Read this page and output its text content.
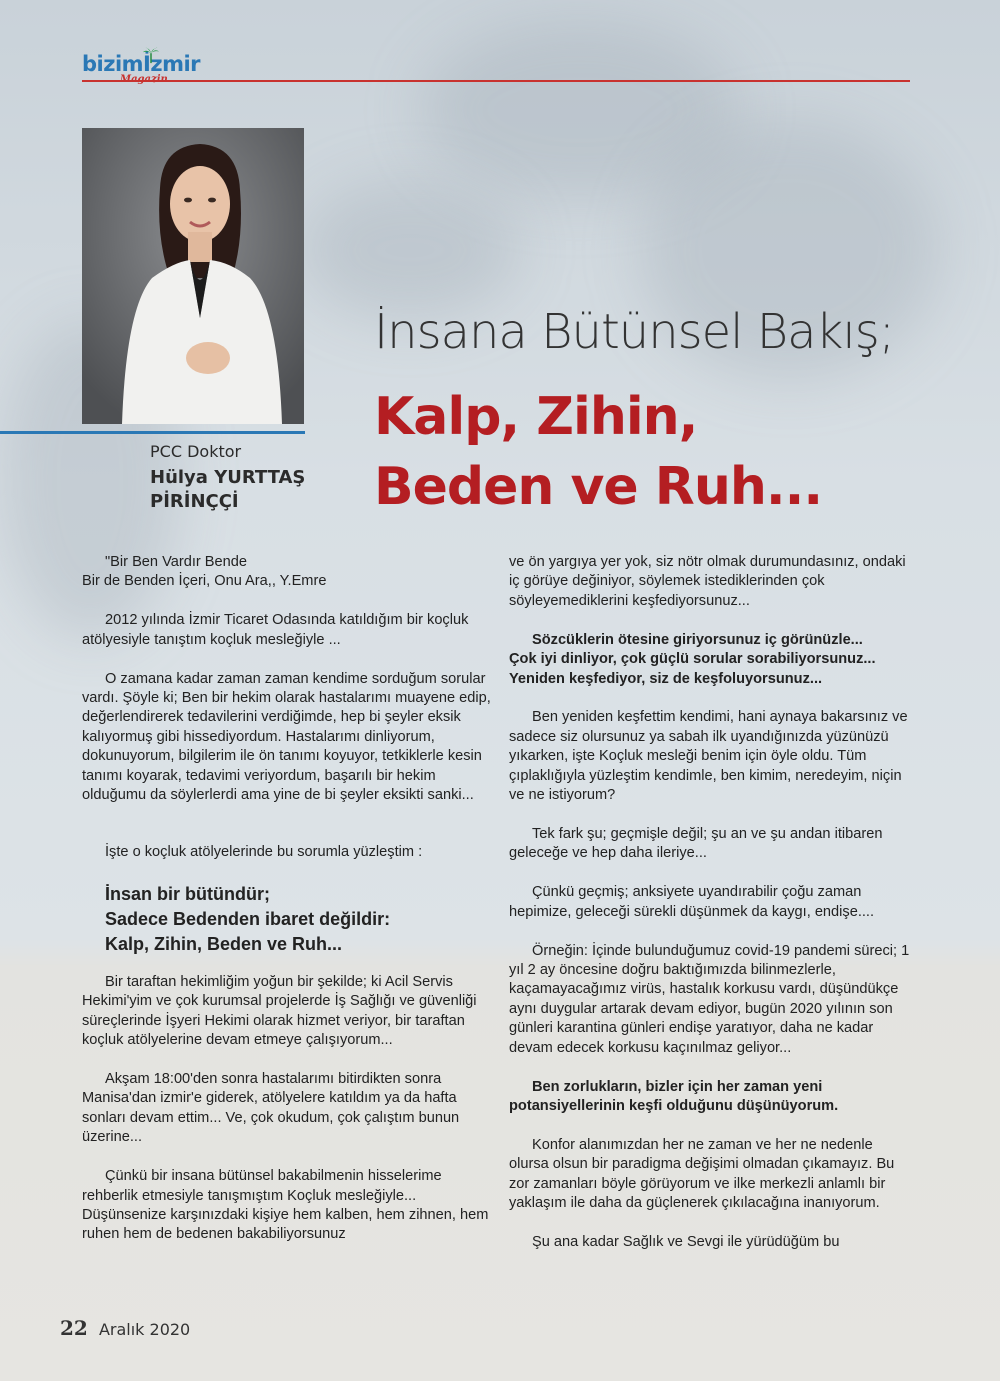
bizimİzmir
PCC Doktor
Hülya YURTTAŞ PİRİNÇÇİ
İnsana Bütünsel Bakış;
Kalp, Zihin, Beden ve Ruh...

"Bir Ben Vardır Bende
Bir de Benden İçeri, Onu Ara,, Y.Emre

2012 yılında İzmir Ticaret Odasında katıldığım bir koçluk atölyesiyle tanıştım koçluk mesleğiyle ...

O zamana kadar zaman zaman kendime sorduğum sorular vardı. Şöyle ki; Ben bir hekim olarak hastalarımı muayene edip, değerlendirerek tedavilerini verdiğimde, hep bi şeyler eksik kalıyormuş gibi hissediyordum. Hastalarımı dinliyorum, dokunuyorum, bilgilerim ile ön tanımı koyuyor, tetkiklerle kesin tanımı koyarak, tedavimi veriyordum, başarılı bir hekim olduğumu da söylerlerdi ama yine de bi şeyler eksikti sanki...

İşte o koçluk atölyelerinde bu sorumla yüzleştim :

İnsan bir bütündür;
Sadece Bedenden ibaret değildir:
Kalp, Zihin, Beden ve Ruh...

Bir taraftan hekimliğim yoğun bir şekilde; ki Acil Servis Hekimi'yim ve çok kurumsal projelerde İş Sağlığı ve güvenliği süreçlerinde İşyeri Hekimi olarak hizmet veriyor, bir taraftan koçluk atölyelerine devam etmeye çalışıyorum...

Akşam 18:00'den sonra hastalarımı bitirdikten sonra Manisa'dan izmir'e giderek, atölyelere katıldım ya da hafta sonları devam ettim... Ve, çok okudum, çok çalıştım bunun üzerine...

Çünkü bir insana bütünsel bakabilmenin hisselerime rehberlik etmesiyle tanışmıştım Koçluk mesleğiyle... Düşünsenize karşınızdaki kişiye hem kalben, hem zihnen, hem ruhen hem de bedenen bakabiliyorsunuz

ve ön yargıya yer yok, siz nötr olmak durumundasınız, ondaki iç görüye değiniyor, söylemek istediklerinden çok söyleyemediklerini keşfediyorsunuz...

Sözcüklerin ötesine giriyorsunuz iç görünüzle...
Çok iyi dinliyor, çok güçlü sorular sorabiliyorsunuz...
Yeniden keşfediyor, siz de keşfoluyorsunuz...

Ben yeniden keşfettim kendimi, hani aynaya bakarsınız ve sadece siz olursunuz ya sabah ilk uyandığınızda yüzünüzü yıkarken, işte Koçluk mesleği benim için öyle oldu. Tüm çıplaklığıyla yüzleştim kendimle, ben kimim, neredeyim, niçin ve ne istiyorum?

Tek fark şu; geçmişle değil; şu an ve şu andan itibaren geleceğe ve hep daha ileriye...

Çünkü geçmiş; anksiyete uyandırabilir çoğu zaman hepimize, geleceği sürekli düşünmek da kaygı, endişe....

Örneğin: İçinde bulunduğumuz covid-19 pandemi süreci; 1 yıl 2 ay öncesine doğru baktığımızda bilinmezlerle, kaçamayacağımız virüs, hastalık korkusu vardı, düşündükçe aynı duygular artarak devam ediyor, bugün 2020 yılının son günleri karantina günleri endişe yaratıyor, daha ne kadar devam edecek korkusu kaçınılmaz geliyor...

Ben zorlukların, bizler için her zaman yeni potansiyellerinin keşfi olduğunu düşünüyorum.

Konfor alanımızdan her ne zaman ve her ne nedenle olursa olsun bir paradigma değişimi olmadan çıkamayız. Bu zor zamanları böyle görüyorum ve ilke merkezli anlamlı bir yaklaşım ile daha da güçlenerek çıkılacağına inanıyorum.

Şu ana kadar Sağlık ve Sevgi ile yürüdüğüm bu

22 Aralık 2020
